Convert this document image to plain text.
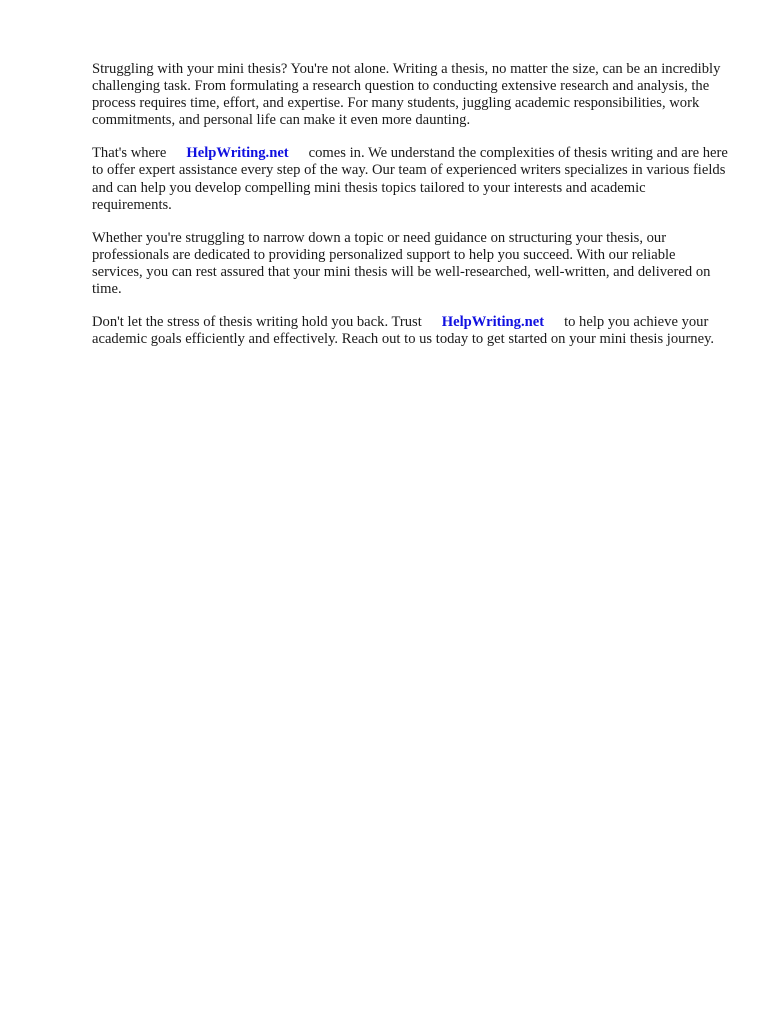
Struggling with your mini thesis? You're not alone. Writing a thesis, no matter the size, can be an incredibly challenging task. From formulating a research question to conducting extensive research and analysis, the process requires time, effort, and expertise. For many students, juggling academic responsibilities, work commitments, and personal life can make it even more daunting.

That's where HelpWriting.net comes in. We understand the complexities of thesis writing and are here to offer expert assistance every step of the way. Our team of experienced writers specializes in various fields and can help you develop compelling mini thesis topics tailored to your interests and academic requirements.

Whether you're struggling to narrow down a topic or need guidance on structuring your thesis, our professionals are dedicated to providing personalized support to help you succeed. With our reliable services, you can rest assured that your mini thesis will be well-researched, well-written, and delivered on time.

Don't let the stress of thesis writing hold you back. Trust HelpWriting.net to help you achieve your academic goals efficiently and effectively. Reach out to us today to get started on your mini thesis journey.
